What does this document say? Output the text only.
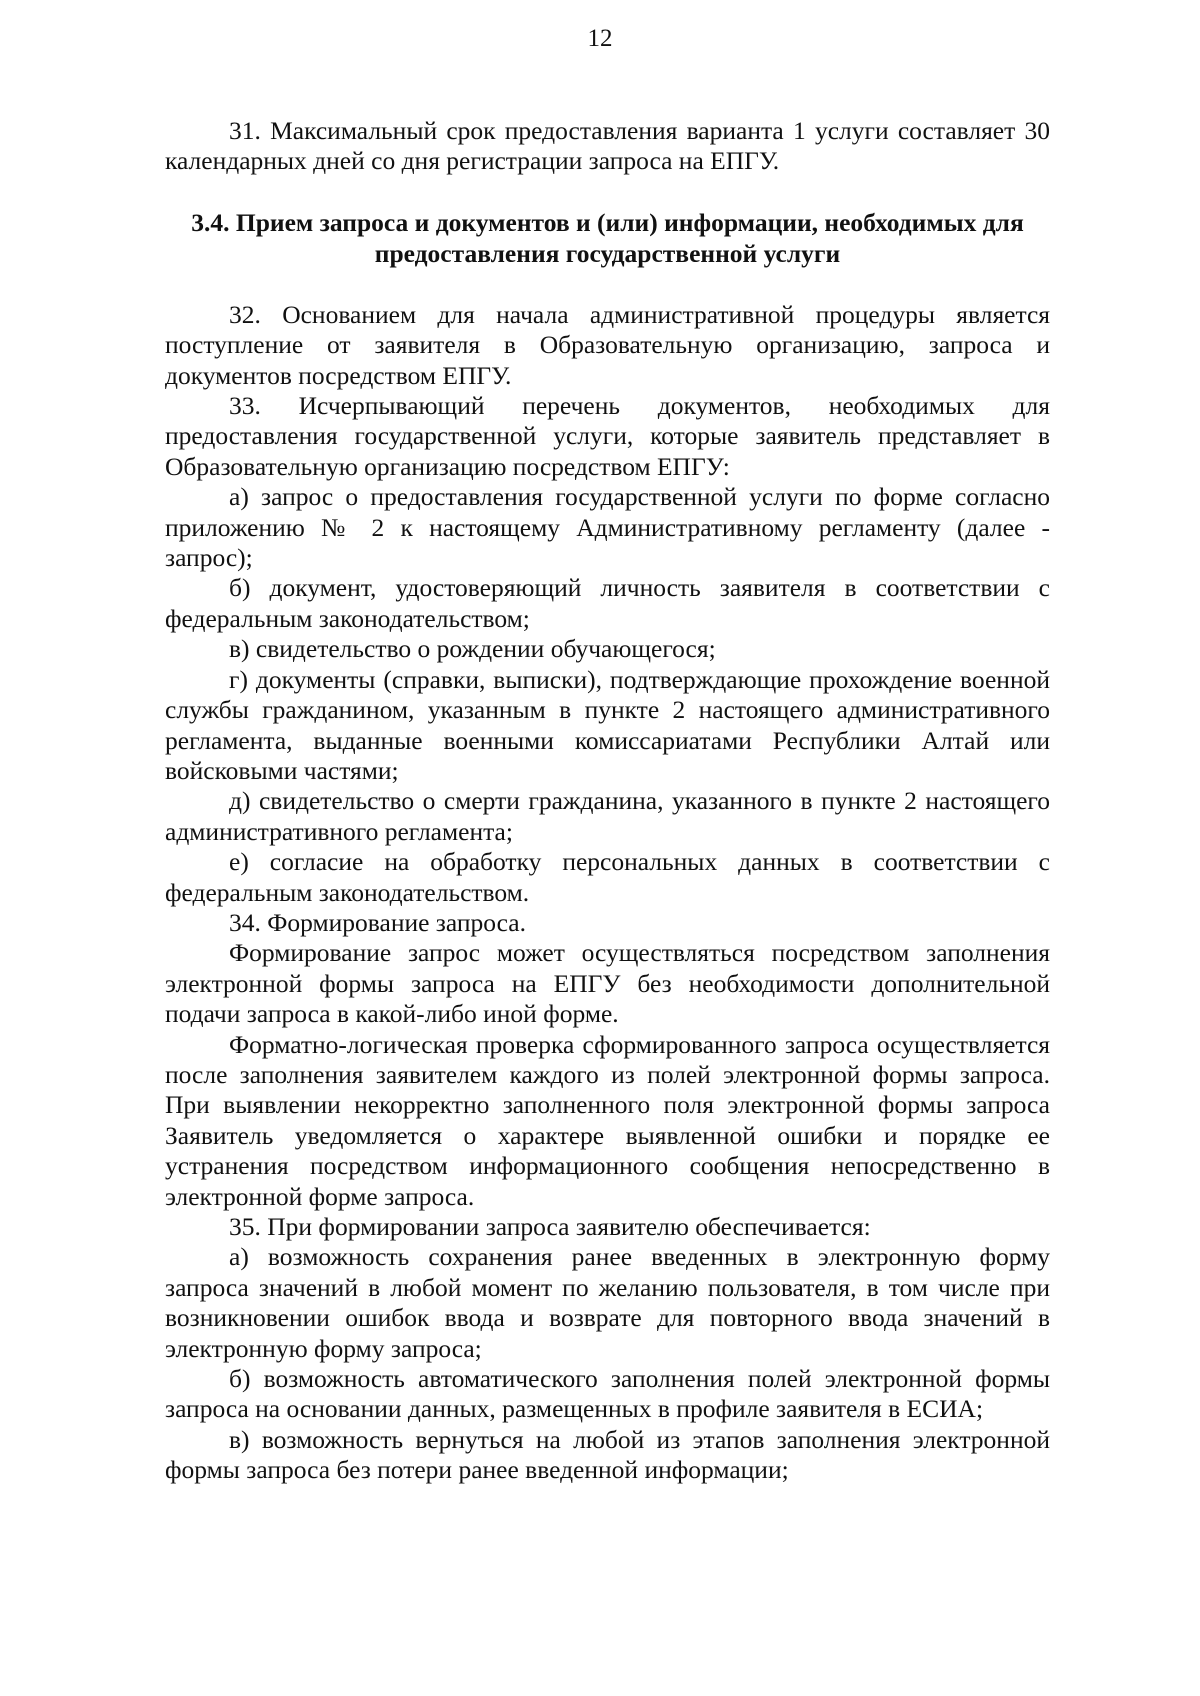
12

31. Максимальный срок предоставления варианта 1 услуги составляет 30 календарных дней со дня регистрации запроса на ЕПГУ.

3.4. Прием запроса и документов и (или) информации, необходимых для предоставления государственной услуги

32. Основанием для начала административной процедуры является поступление от заявителя в Образовательную организацию, запроса и документов посредством ЕПГУ.

33. Исчерпывающий перечень документов, необходимых для предоставления государственной услуги, которые заявитель представляет в Образовательную организацию посредством ЕПГУ:

а) запрос о предоставления государственной услуги по форме согласно приложению № 2 к настоящему Административному регламенту (далее - запрос);

б) документ, удостоверяющий личность заявителя в соответствии с федеральным законодательством;

в) свидетельство о рождении обучающегося;

г) документы (справки, выписки), подтверждающие прохождение военной службы гражданином, указанным в пункте 2 настоящего административного регламента, выданные военными комиссариатами Республики Алтай или войсковыми частями;

д) свидетельство о смерти гражданина, указанного в пункте 2 настоящего административного регламента;

е) согласие на обработку персональных данных в соответствии с федеральным законодательством.

34. Формирование запроса.

Формирование запрос может осуществляться посредством заполнения электронной формы запроса на ЕПГУ без необходимости дополнительной подачи запроса в какой-либо иной форме.

Форматно-логическая проверка сформированного запроса осуществляется после заполнения заявителем каждого из полей электронной формы запроса. При выявлении некорректно заполненного поля электронной формы запроса Заявитель уведомляется о характере выявленной ошибки и порядке ее устранения посредством информационного сообщения непосредственно в электронной форме запроса.

35. При формировании запроса заявителю обеспечивается:

а) возможность сохранения ранее введенных в электронную форму запроса значений в любой момент по желанию пользователя, в том числе при возникновении ошибок ввода и возврате для повторного ввода значений в электронную форму запроса;

б) возможность автоматического заполнения полей электронной формы запроса на основании данных, размещенных в профиле заявителя в ЕСИА;

в) возможность вернуться на любой из этапов заполнения электронной формы запроса без потери ранее введенной информации;
